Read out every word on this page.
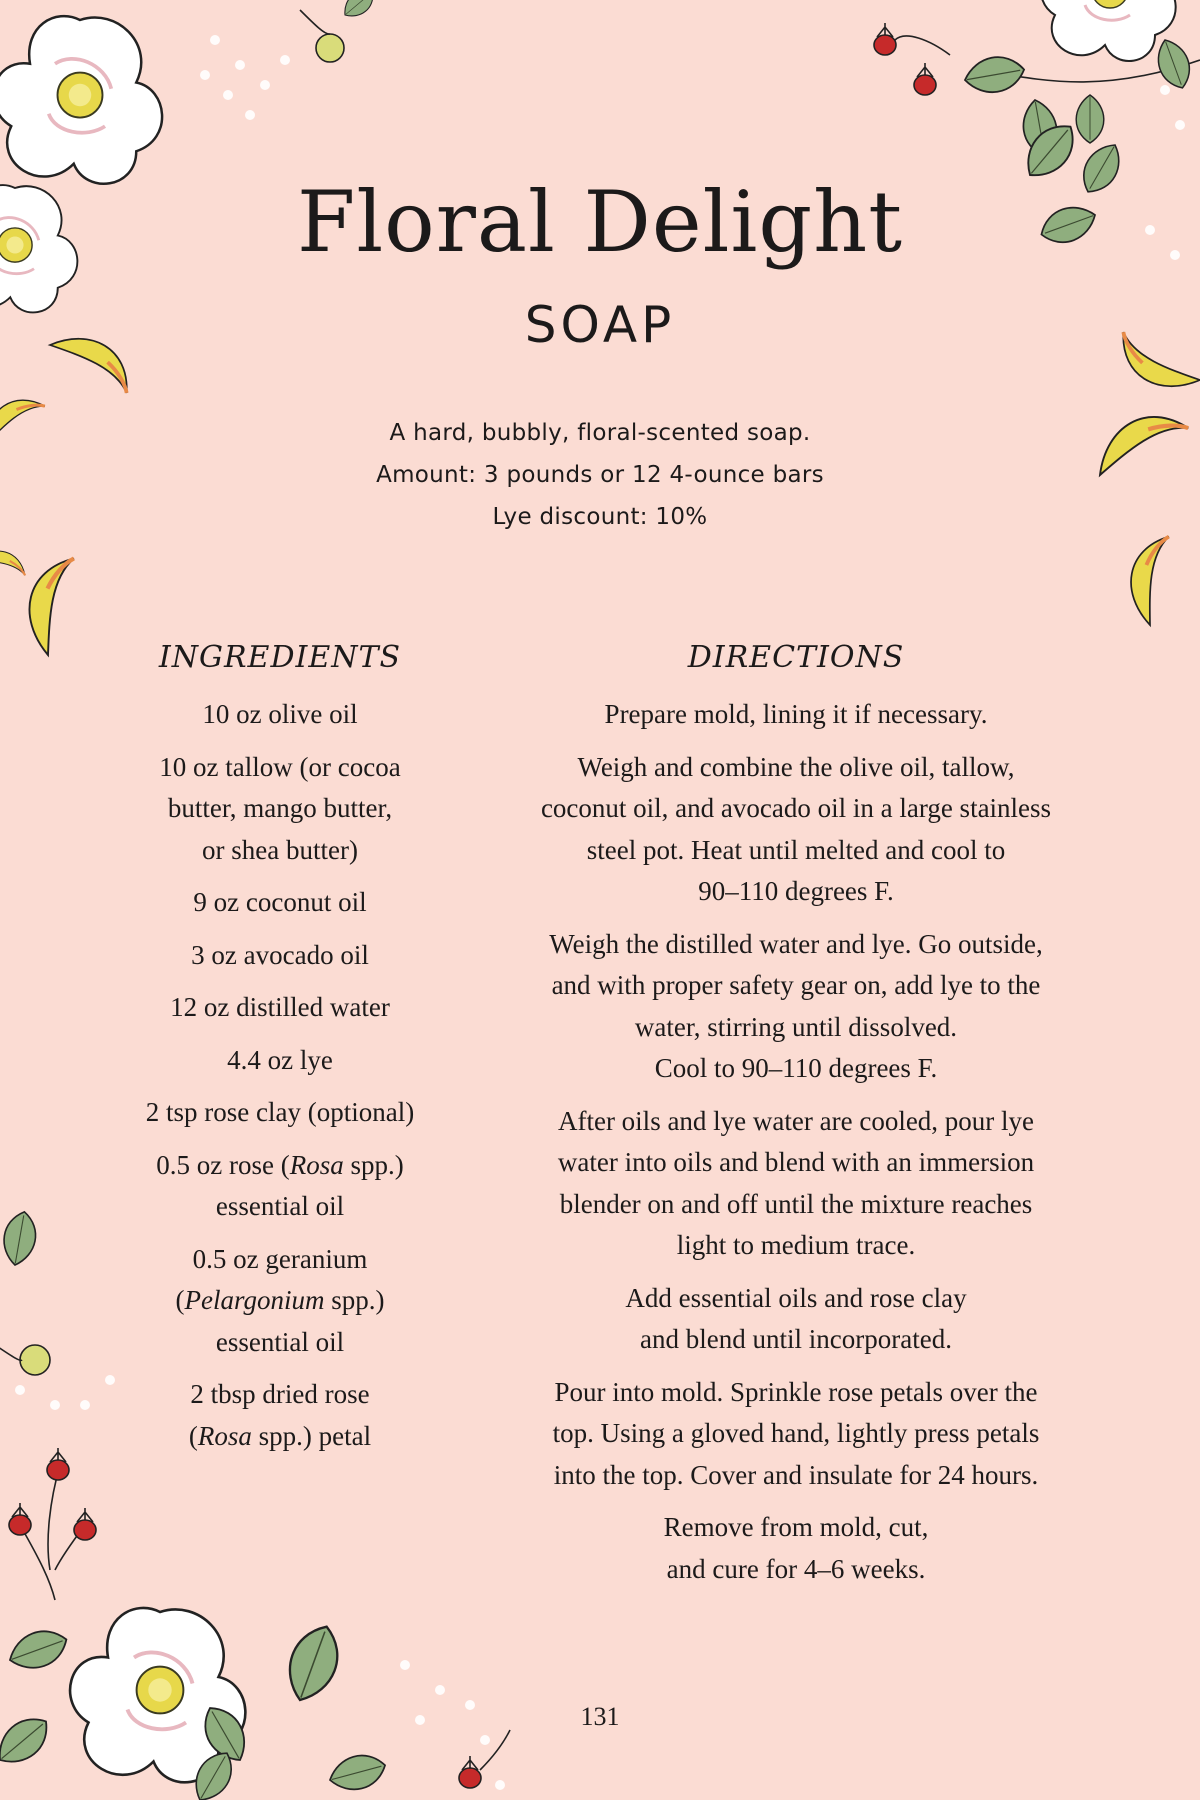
Floral Delight
SOAP
A hard, bubbly, floral-scented soap.
Amount: 3 pounds or 12 4-ounce bars
Lye discount: 10%
INGREDIENTS	DIRECTIONS
10 oz olive oil
10 oz tallow (or cocoa
butter, mango butter,
or shea butter)
9 oz coconut oil
3 oz avocado oil
12 oz distilled water
4.4 oz lye
2 tsp rose clay (optional)
0.5 oz rose (Rosa spp.)
essential oil
0.5 oz geranium
(Pelargonium spp.)
essential oil
2 tbsp dried rose
(Rosa spp.) petal
Prepare mold, lining it if necessary.
Weigh and combine the olive oil, tallow,
coconut oil, and avocado oil in a large stainless
steel pot. Heat until melted and cool to
90–110 degrees F.
Weigh the distilled water and lye. Go outside,
and with proper safety gear on, add lye to the
water, stirring until dissolved.
Cool to 90–110 degrees F.
After oils and lye water are cooled, pour lye
water into oils and blend with an immersion
blender on and off until the mixture reaches
light to medium trace.
Add essential oils and rose clay
and blend until incorporated.
Pour into mold. Sprinkle rose petals over the
top. Using a gloved hand, lightly press petals
into the top. Cover and insulate for 24 hours.
Remove from mold, cut,
and cure for 4–6 weeks.
131
